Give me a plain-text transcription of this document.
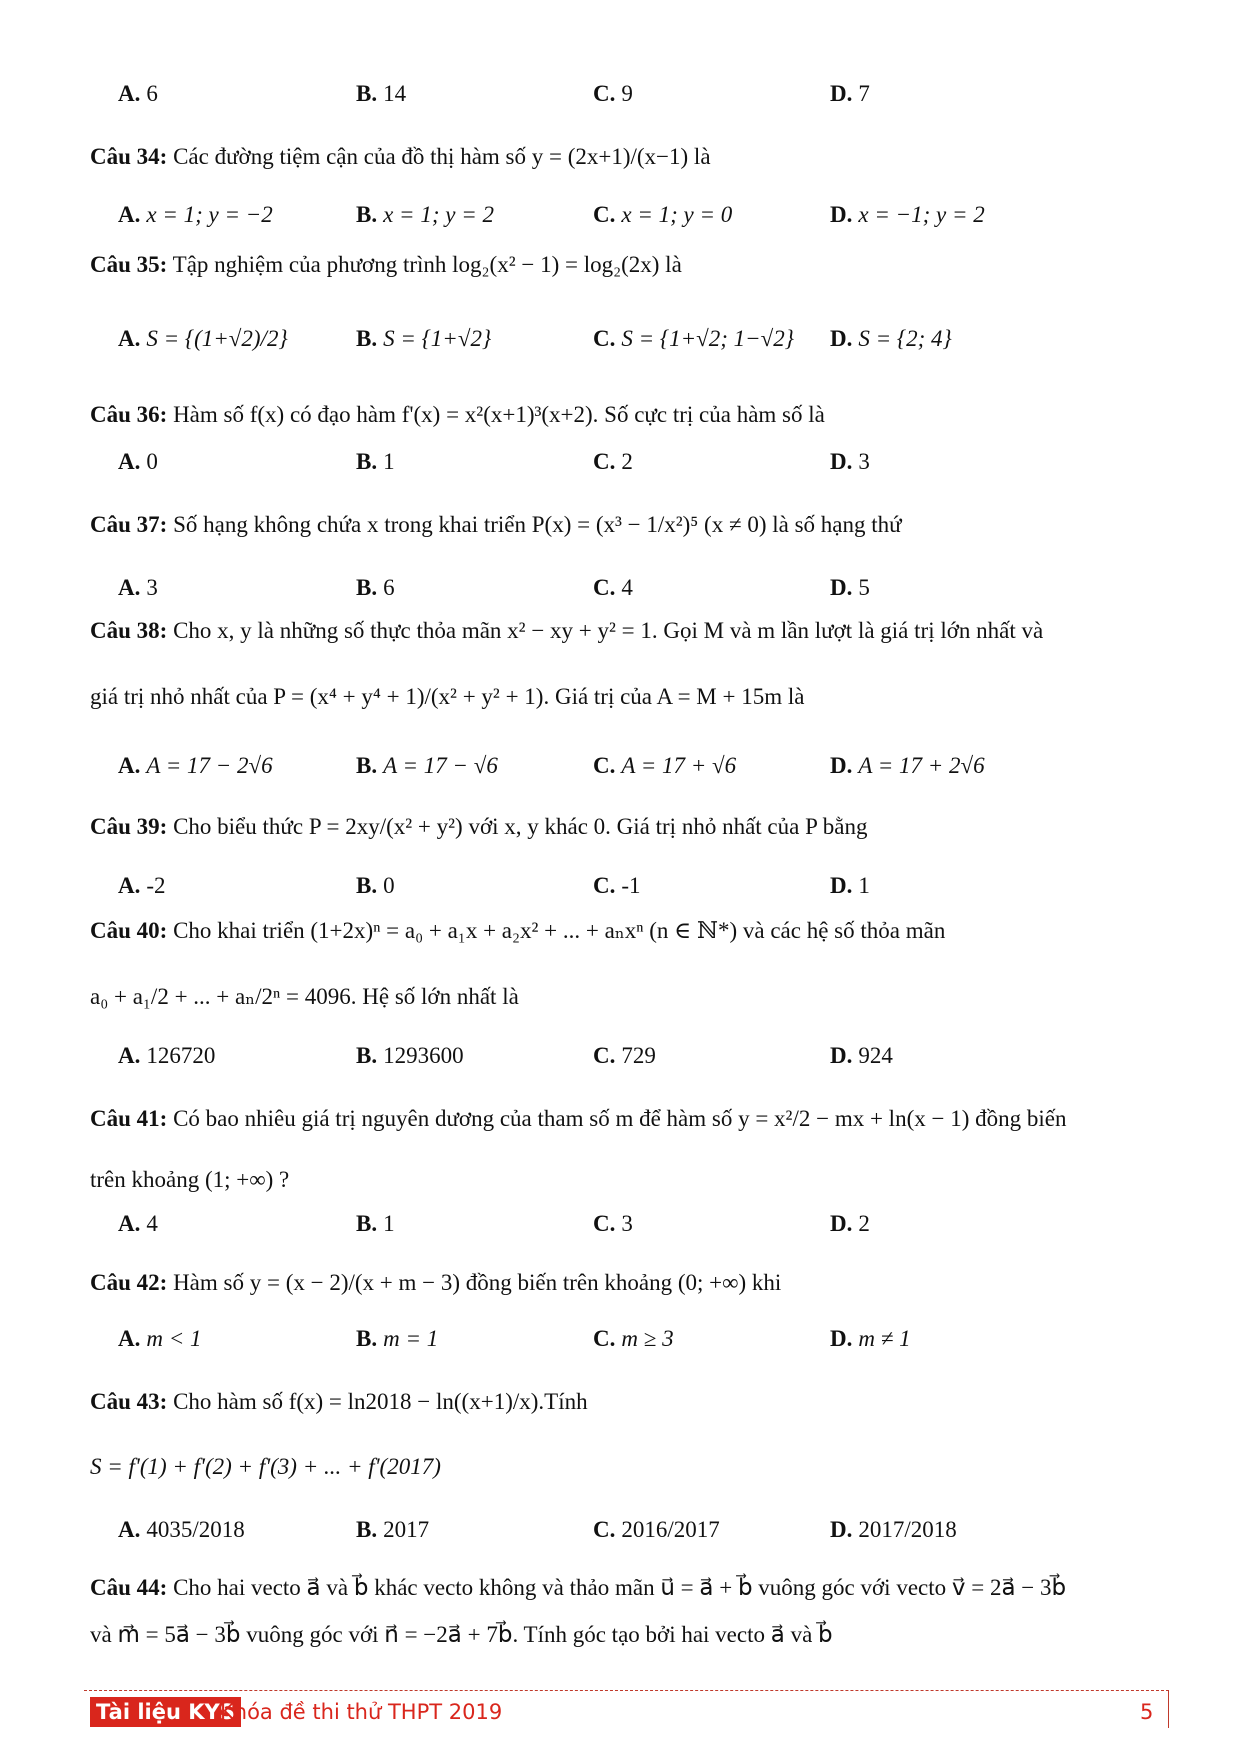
A. 6	B. 14	C. 9	D. 7
Câu 34: Các đường tiệm cận của đồ thị hàm số y = (2x+1)/(x−1) là
A. x = 1; y = −2	B. x = 1; y = 2	C. x = 1; y = 0	D. x = −1; y = 2
Câu 35: Tập nghiệm của phương trình log₂(x² − 1) = log₂(2x) là
A. S = {(1+√2)/2}	B. S = {1+√2}	C. S = {1+√2; 1−√2} D. S = {2; 4}
Câu 36: Hàm số f(x) có đạo hàm f'(x) = x²(x+1)³(x+2). Số cực trị của hàm số là
A. 0	B. 1	C. 2	D. 3
Câu 37: Số hạng không chứa x trong khai triển P(x) = (x³ − 1/x²)⁵ (x ≠ 0) là số hạng thứ
A. 3	B. 6	C. 4	D. 5
Câu 38: Cho x, y là những số thực thỏa mãn x² − xy + y² = 1. Gọi M và m lần lượt là giá trị lớn nhất và
giá trị nhỏ nhất của P = (x⁴ + y⁴ + 1)/(x² + y² + 1). Giá trị của A = M + 15m là
A. A = 17 − 2√6	B. A = 17 − √6	C. A = 17 + √6	D. A = 17 + 2√6
Câu 39: Cho biểu thức P = 2xy/(x² + y²) với x, y khác 0. Giá trị nhỏ nhất của P bằng
A. -2	B. 0	C. -1	D. 1
Câu 40: Cho khai triển (1+2x)ⁿ = a₀ + a₁x + a₂x² + ... + aₙxⁿ (n ∈ ℕ*) và các hệ số thỏa mãn
a₀ + a₁/2 + ... + aₙ/2ⁿ = 4096. Hệ số lớn nhất là
A. 126720	B. 1293600	C. 729	D. 924
Câu 41: Có bao nhiêu giá trị nguyên dương của tham số m để hàm số y = x²/2 − mx + ln(x − 1) đồng biến
trên khoảng (1; +∞) ?
A. 4	B. 1	C. 3	D. 2
Câu 42: Hàm số y = (x − 2)/(x + m − 3) đồng biến trên khoảng (0; +∞) khi
A. m < 1	B. m = 1	C. m ≥ 3	D. m ≠ 1
Câu 43: Cho hàm số f(x) = ln2018 − ln((x+1)/x).Tính
S = f'(1) + f'(2) + f'(3) + ... + f'(2017)
A. 4035/2018	B. 2017	C. 2016/2017	D. 2017/2018
Câu 44: Cho hai vecto a⃗ và b⃗ khác vecto không và thảo mãn u⃗ = a⃗ + b⃗ vuông góc với vecto v⃗ = 2a⃗ − 3b⃗
và m⃗ = 5a⃗ − 3b⃗ vuông góc với n⃗ = −2a⃗ + 7b⃗. Tính góc tạo bởi hai vecto a⃗ và b⃗
Tài liệu KYS
Khóa đề thi thử THPT 2019	5
